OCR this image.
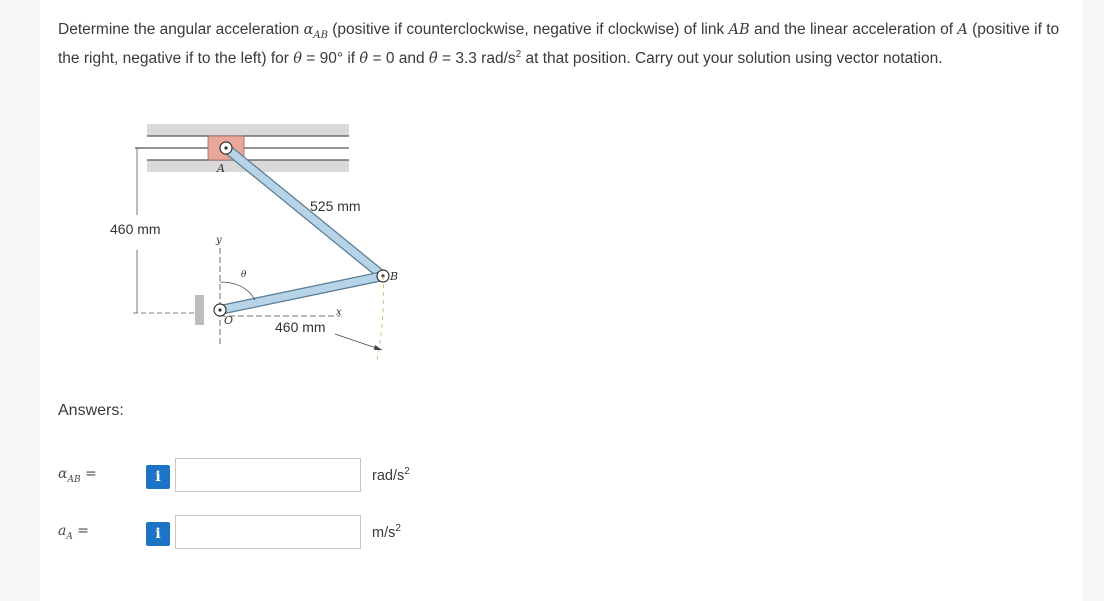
Determine the angular acceleration $\alpha_{AB}$ (positive if counterclockwise, negative if clockwise) of link AB and the linear acceleration of A (positive if to the right, negative if to the left) for θ = 90° if θ̇ = 0 and θ̈ = 3.3 rad/$s^2$ at that position. Carry out your solution using vector notation.
460 mm
525 mm
460 mm
A
B
O
y
x
θ
Answers:
$\alpha_{AB}$ =	i	rad/$s^2$
$a_A$ =	i	$m/s^2$
